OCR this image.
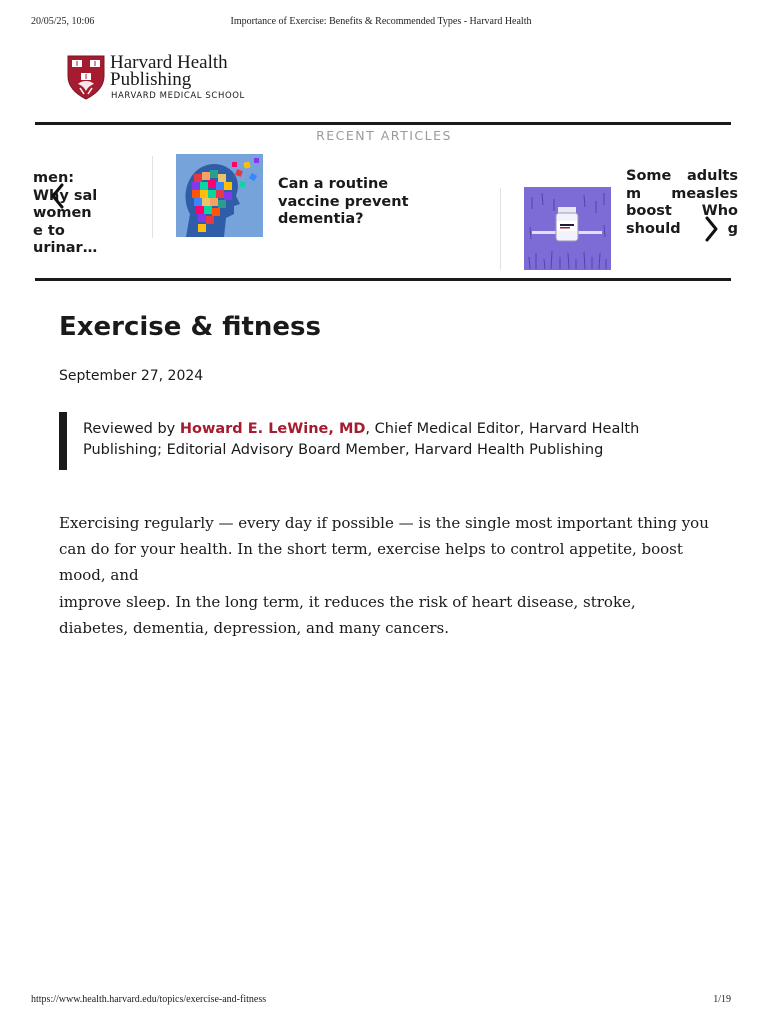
20/05/25, 10:06	Importance of Exercise: Benefits & Recommended Types - Harvard Health
Harvard Health
Publishing
HARVARD MEDICAL SCHOOL
RECENT ARTICLES
men:
Why sal
women
e to
urinar…
Can a routine
vaccine prevent
dementia?
Some adults
m measles
boost Who
should g
Exercise & fitness
September 27, 2024
Reviewed by Howard E. LeWine, MD, Chief Medical Editor, Harvard Health Publishing; Editorial Advisory Board Member, Harvard Health Publishing

Exercising regularly — every day if possible — is the single most important thing you can do for your health. In the short term, exercise helps to control appetite, boost mood, and

improve sleep. In the long term, it reduces the risk of heart disease, stroke, diabetes, dementia, depression, and many cancers.

https://www.health.harvard.edu/topics/exercise-and-fitness	1/19
